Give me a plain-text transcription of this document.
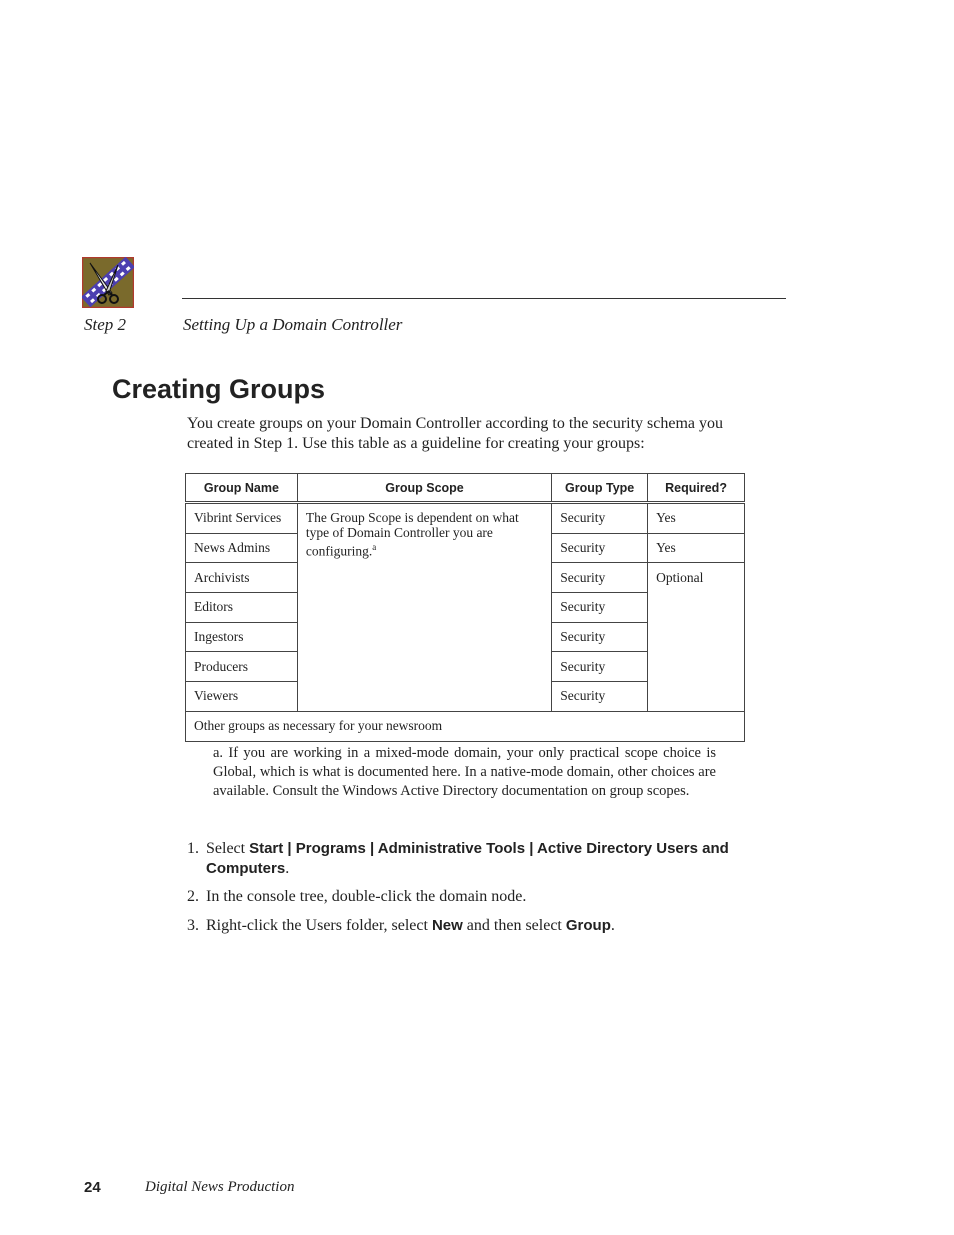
Step 2	Setting Up a Domain Controller
Creating Groups

You create groups on your Domain Controller according to the security schema you created in Step 1. Use this table as a guideline for creating your groups:

Group Name	Group Scope	Group Type	Required?
Vibrint Services	The Group Scope is dependent on what type of Domain Controller you are configuring.$^a$	Security	Yes
News Admins		Security	Yes
Archivists		Security	Optional
Editors		Security	
Ingestors		Security	
Producers		Security	
Viewers		Security	
Other groups as necessary for your newsroom			

a. If you are working in a mixed-mode domain, your only practical scope choice is Global, which is what is documented here. In a native-mode domain, other choices are available. Consult the Windows Active Directory documentation on group scopes.

1. Select Start | Programs | Administrative Tools | Active Directory Users and Computers.
2. In the console tree, double-click the domain node.
3. Right-click the Users folder, select New and then select Group.
24	Digital News Production
